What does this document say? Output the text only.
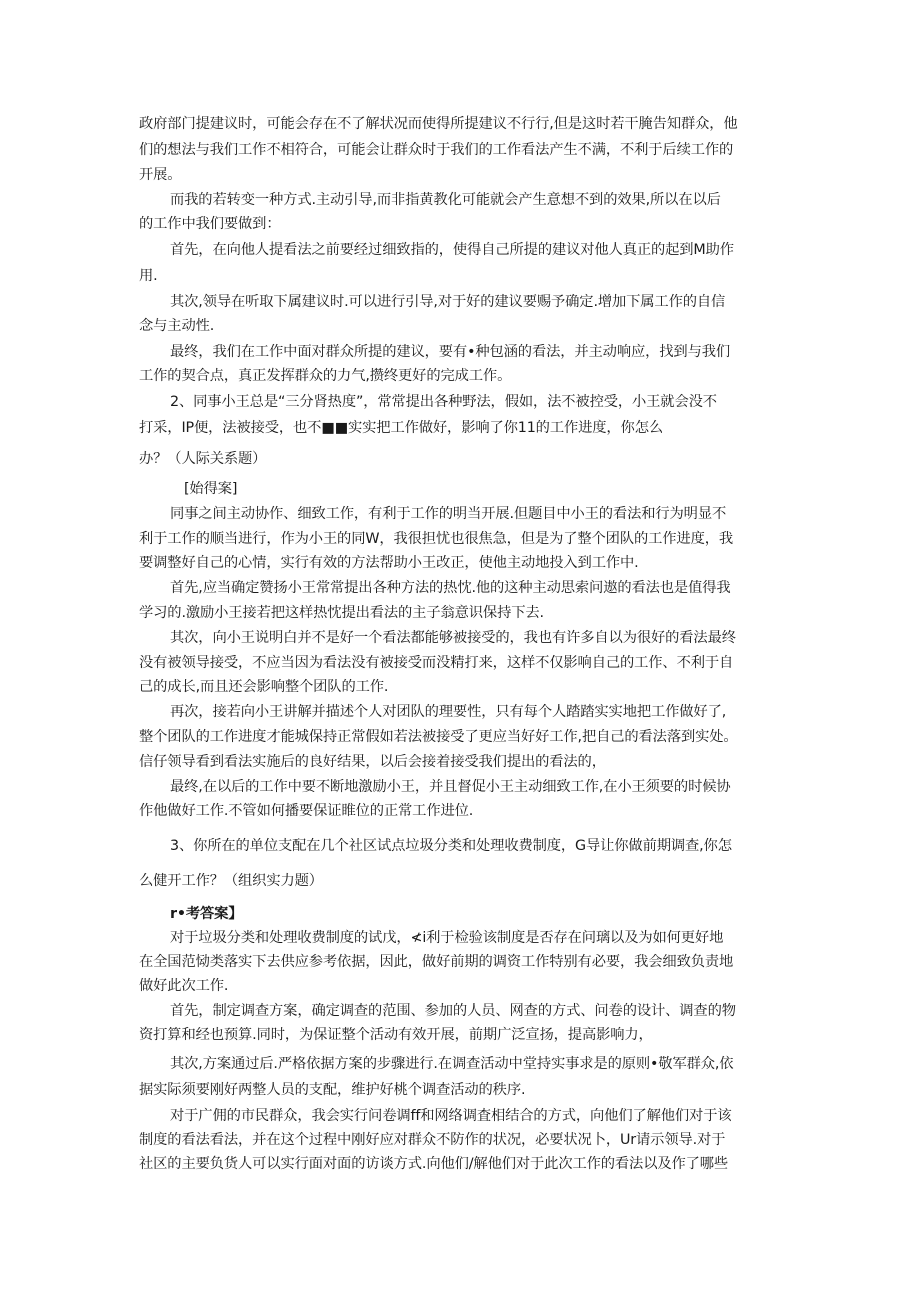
政府部门提建议时，可能会存在不了解状况而使得所提建议不行行,但是这时若干腌告知群众，他
们的想法与我们工作不相符合，可能会让群众时于我们的工作看法产生不满，不利于后续工作的
开展。
而我的若转变一种方式.主动引导,而非指黄教化可能就会产生意想不到的效果,所以在以后
的工作中我们要做到：
首先，在向他人提看法之前要经过细致指的，使得自己所提的建议对他人真正的起到M助作
用.
其次,领导在听取下属建议时.可以进行引导,对于好的建议要赐予确定.增加下属工作的自信
念与主动性.
最终，我们在工作中面对群众所提的建议，要有•种包涵的看法，并主动响应，找到与我们
工作的契合点，真正发挥群众的力气,攒终更好的完成工作。
2、同事小王总是“三分肾热度”，常常提出各种野法，假如，法不被控受，小王就会没不
打采，IP便，法被接受，也不■■实实把工作做好，影响了你11的工作进度，你怎么
办？（人际关系题）
[始得案]
同事之间主动协作、细致工作，有利于工作的明当开展.但题目中小王的看法和行为明显不
利于工作的顺当进行，作为小王的同W，我很担忧也很焦急，但是为了整个团队的工作进度，我
要调整好自己的心情，实行有效的方法帮助小王改正，使他主动地投入到工作中.
首先,应当确定赞扬小王常常提出各种方法的热忱.他的这种主动思索问遨的看法也是值得我
学习的.激励小王接若把这样热忱提出看法的主子翁意识保持下去.
其次，向小王说明白并不是好一个看法都能够被接受的，我也有许多自以为很好的看法最终
没有被领导接受，不应当因为看法没有被接受而没精打来，这样不仅影响自己的工作、不利于自
己的成长,而且还会影响整个团队的工作.
再次，接若向小王讲解并描述个人对团队的理要性，只有每个人踏踏实实地把工作做好了,
整个团队的工作进度才能城保持正常假如若法被接受了更应当好好工作,把自己的看法落到实处。
信仔领导看到看法实施后的良好结果，以后会接着接受我们提出的看法的，
最终,在以后的工作中要不断地激励小王，并且督促小王主动细致工作,在小王须要的时候协
作他做好工作.不管如何播要保证睢位的正常工作进位.
3、你所在的单位支配在几个社区试点垃圾分类和处理收费制度，G导让你做前期调查,你怎
么健开工作？（组织实力题）
r•考答案】
对于垃圾分类和处理收费制度的试戊，≮i利于检验该制度是否存在问璃以及为如何更好地
在全国范恸类落实下去供应参考依据，因此，做好前期的调资工作特别有必要，我会细致负责地
做好此次工作.
首先，制定调查方案，确定调查的范围、参加的人员、网查的方式、问卷的设计、调查的物
资打算和经也预算.同时，为保证整个活动有效开展，前期广泛宣扬，提高影响力，
其次,方案通过后.严格依据方案的步骤进行.在调查活动中堂持实事求是的原则•敬军群众,依
据实际须要刚好两整人员的支配，维护好桃个调查活动的秩序.
对于广佣的市民群众，我会实行问卷调ff和网络调査相结合的方式，向他们了解他们对于该
制度的看法看法，并在这个过程中刚好应对群众不防作的状况，必要状况卜，Ur请示领导.对于
社区的主要负货人可以实行面对面的访谈方式.向他们/解他们对于此次工作的看法以及作了哪些
